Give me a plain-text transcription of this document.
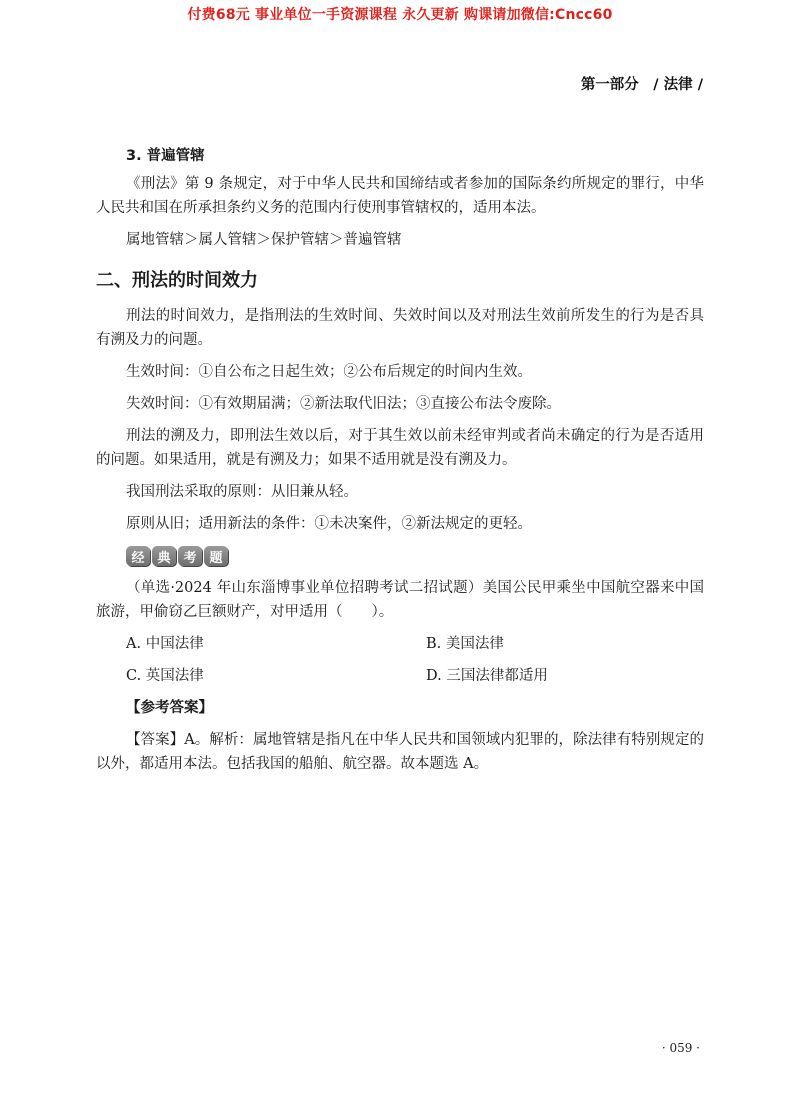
付费68元 事业单位一手资源课程 永久更新 购课请加微信:Cncc60
第一部分　/ 法律 /
3. 普遍管辖

《刑法》第 9 条规定，对于中华人民共和国缔结或者参加的国际条约所规定的罪行，中华人民共和国在所承担条约义务的范围内行使刑事管辖权的，适用本法。

属地管辖＞属人管辖＞保护管辖＞普遍管辖

二、刑法的时间效力

刑法的时间效力，是指刑法的生效时间、失效时间以及对刑法生效前所发生的行为是否具有溯及力的问题。

生效时间：①自公布之日起生效；②公布后规定的时间内生效。

失效时间：①有效期届满；②新法取代旧法；③直接公布法令废除。

刑法的溯及力，即刑法生效以后，对于其生效以前未经审判或者尚未确定的行为是否适用的问题。如果适用，就是有溯及力；如果不适用就是没有溯及力。

我国刑法采取的原则：从旧兼从轻。

原则从旧；适用新法的条件：①未决案件，②新法规定的更轻。

经 典 考 题

（单选·2024 年山东淄博事业单位招聘考试二招试题）美国公民甲乘坐中国航空器来中国旅游，甲偷窃乙巨额财产，对甲适用（　　）。

A. 中国法律	B. 美国法律
C. 英国法律	D. 三国法律都适用
【参考答案】

【答案】A。解析：属地管辖是指凡在中华人民共和国领域内犯罪的，除法律有特别规定的以外，都适用本法。包括我国的船舶、航空器。故本题选 A。

· 059 ·
